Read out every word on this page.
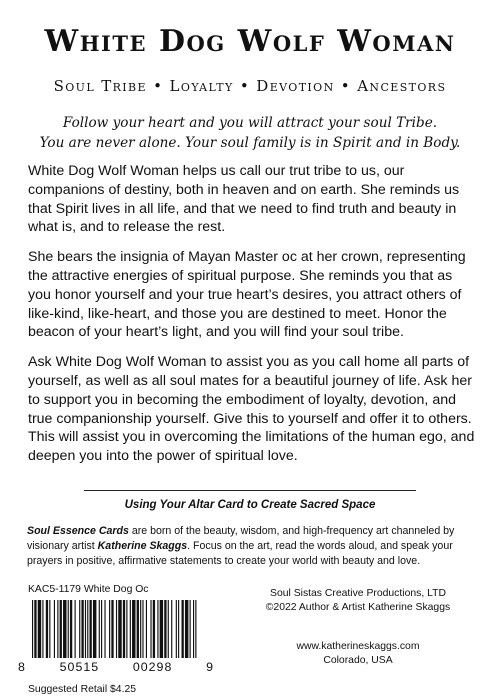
White Dog Wolf Woman
Soul Tribe • Loyalty • Devotion • Ancestors
Follow your heart and you will attract your soul Tribe.
You are never alone. Your soul family is in Spirit and in Body.

White Dog Wolf Woman helps us call our trut tribe to us, our companions of destiny, both in heaven and on earth. She reminds us that Spirit lives in all life, and that we need to find truth and beauty in what is, and to release the rest.

She bears the insignia of Mayan Master oc at her crown, representing the attractive energies of spiritual purpose. She reminds you that as you honor yourself and your true heart’s desires, you attract others of like-kind, like-heart, and those you are destined to meet. Honor the beacon of your heart’s light, and you will find your soul tribe.

Ask White Dog Wolf Woman to assist you as you call home all parts of yourself, as well as all soul mates for a beautiful journey of life. Ask her to support you in becoming the embodiment of loyalty, devotion, and true companionship yourself. Give this to yourself and offer it to others. This will assist you in overcoming the limitations of the human ego, and deepen you into the power of spiritual love.

Using Your Altar Card to Create Sacred Space
Soul Essence Cards are born of the beauty, wisdom, and high-frequency art channeled by visionary artist Katherine Skaggs. Focus on the art, read the words aloud, and speak your prayers in positive, affirmative statements to create your world with beauty and love.
KAC5-1179 White Dog Oc
8	50515	00298	9
Suggested Retail $4.25
Soul Sistas Creative Productions, LTD
©2022 Author & Artist Katherine Skaggs
www.katherineskaggs.com
Colorado, USA
